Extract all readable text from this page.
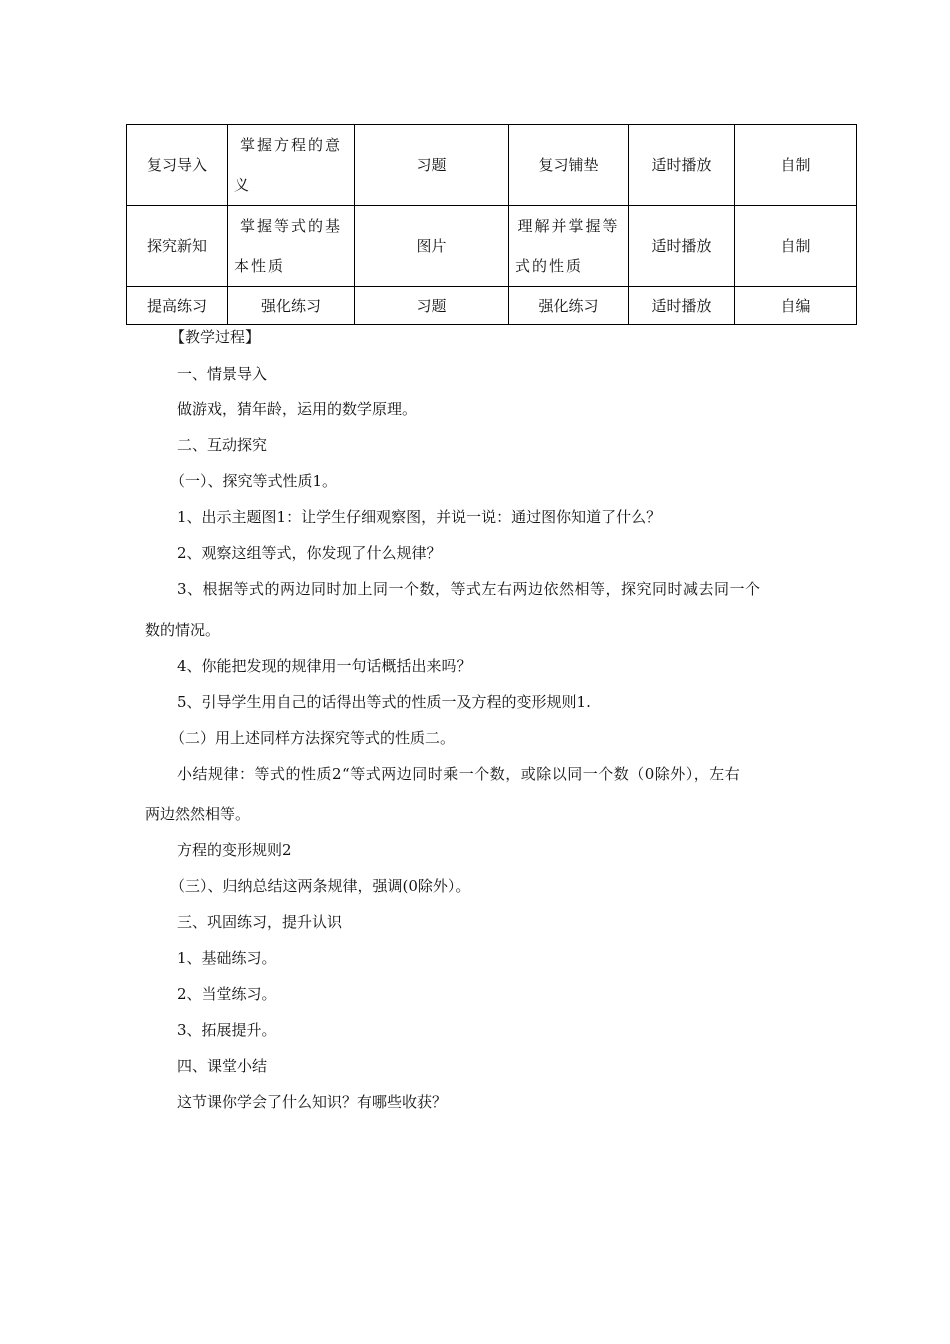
复习导入	掌握方程的意义	习题	复习铺垫	适时播放	自制
探究新知	掌握等式的基本性质	图片	理解并掌握等式的性质	适时播放	自制
提高练习	强化练习	习题	强化练习	适时播放	自编
【教学过程】
一、情景导入
做游戏，猜年龄，运用的数学原理。
二、互动探究
（一）、探究等式性质1。
1、出示主题图1：让学生仔细观察图，并说一说：通过图你知道了什么？
2、观察这组等式，你发现了什么规律？
3、根据等式的两边同时加上同一个数，等式左右两边依然相等，探究同时减去同一个
数的情况。
4、你能把发现的规律用一句话概括出来吗？
5、引导学生用自己的话得出等式的性质一及方程的变形规则1.
（二）用上述同样方法探究等式的性质二。
小结规律：等式的性质2“等式两边同时乘一个数，或除以同一个数（0除外），左右
两边然然相等。
方程的变形规则2
（三）、归纳总结这两条规律，强调(0除外）。
三、巩固练习，提升认识
1、基础练习。
2、当堂练习。
3、拓展提升。
四、课堂小结
这节课你学会了什么知识？有哪些收获？
